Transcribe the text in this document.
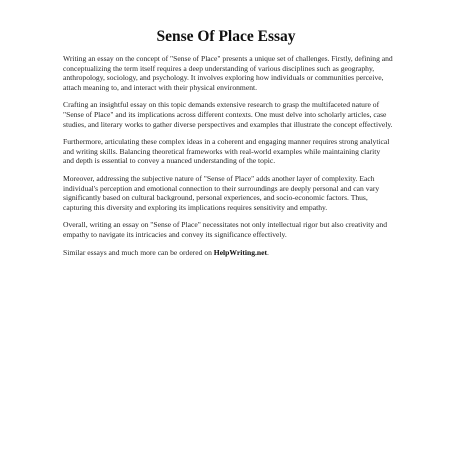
Sense Of Place Essay

Writing an essay on the concept of "Sense of Place" presents a unique set of challenges. Firstly, defining and conceptualizing the term itself requires a deep understanding of various disciplines such as geography, anthropology, sociology, and psychology. It involves exploring how individuals or communities perceive, attach meaning to, and interact with their physical environment.

Crafting an insightful essay on this topic demands extensive research to grasp the multifaceted nature of "Sense of Place" and its implications across different contexts. One must delve into scholarly articles, case studies, and literary works to gather diverse perspectives and examples that illustrate the concept effectively.

Furthermore, articulating these complex ideas in a coherent and engaging manner requires strong analytical and writing skills. Balancing theoretical frameworks with real-world examples while maintaining clarity and depth is essential to convey a nuanced understanding of the topic.

Moreover, addressing the subjective nature of "Sense of Place" adds another layer of complexity. Each individual's perception and emotional connection to their surroundings are deeply personal and can vary significantly based on cultural background, personal experiences, and socio-economic factors. Thus, capturing this diversity and exploring its implications requires sensitivity and empathy.

Overall, writing an essay on "Sense of Place" necessitates not only intellectual rigor but also creativity and empathy to navigate its intricacies and convey its significance effectively.

Similar essays and much more can be ordered on HelpWriting.net.
